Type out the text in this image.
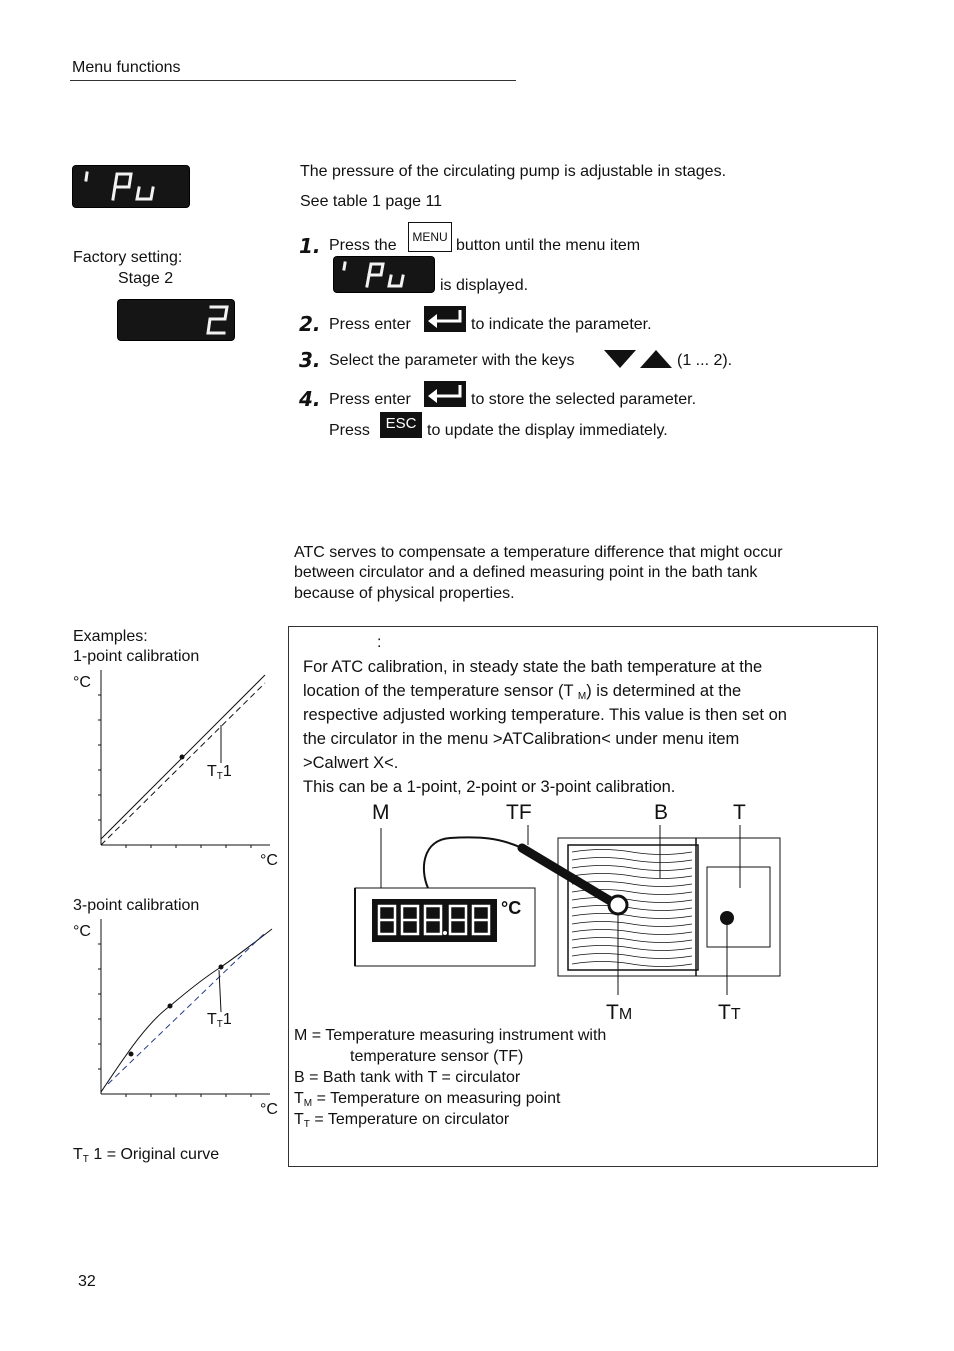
Menu functions
Factory setting:
Stage 2
The pressure of the circulating pump is adjustable in stages.
See table 1 page 11
1. Press the	MENU button until the menu item
is displayed.
2. Press enter	to indicate the parameter.
3. Select the parameter with the keys	(1 ... 2).
4. Press enter	to store the selected parameter.
Press	ESC to update the display immediately.
ATC serves to compensate a temperature difference that might occur
between circulator and a defined measuring point in the bath tank
because of physical properties.
Examples:
1-point calibration
°C
°C
$T_T1$
3-point calibration
°C
°C
$T_T1$
$T_T$ 1 = Original curve
:
For ATC calibration, in steady state the bath temperature at the
location of the temperature sensor (T $_M$) is determined at the
respective adjusted working temperature. This value is then set on
the circulator in the menu >ATCalibration< under menu item
>Calwert X<.
This can be a 1-point, 2-point or 3-point calibration.
M	TF	B	T
°C
TM	TT
M = Temperature measuring instrument with
temperature sensor (TF)
B = Bath tank with T = circulator
$T_M$ = Temperature on measuring point
$T_T$ = Temperature on circulator
32
